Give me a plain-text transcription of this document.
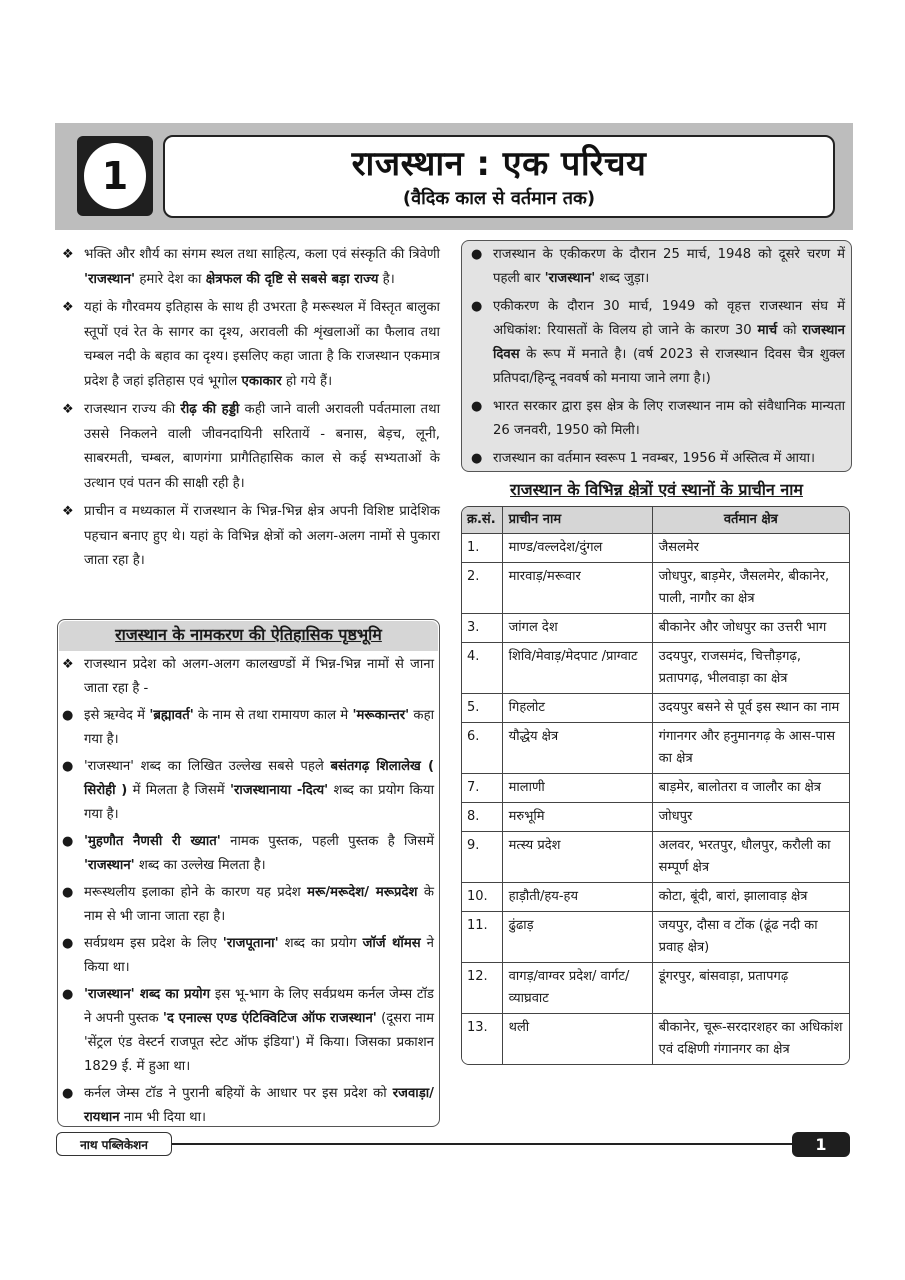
1	राजस्थान : एक परिचय
(वैदिक काल से वर्तमान तक)
❖ भक्ति और शौर्य का संगम स्थल तथा साहित्य, कला एवं संस्कृति की त्रिवेणी 'राजस्थान' हमारे देश का क्षेत्रफल की दृष्टि से सबसे बड़ा राज्य है।
❖ यहां के गौरवमय इतिहास के साथ ही उभरता है मरूस्थल में विस्तृत बालुका स्तूपों एवं रेत के सागर का दृश्य, अरावली की शृंखलाओं का फैलाव तथा चम्बल नदी के बहाव का दृश्य। इसलिए कहा जाता है कि राजस्थान एकमात्र प्रदेश है जहां इतिहास एवं भूगोल एकाकार हो गये हैं।
❖ राजस्थान राज्य की रीढ़ की हड्डी कही जाने वाली अरावली पर्वतमाला तथा उससे निकलने वाली जीवनदायिनी सरितायें - बनास, बेड़च, लूनी, साबरमती, चम्बल, बाणगंगा प्रागैतिहासिक काल से कई सभ्यताओं के उत्थान एवं पतन की साक्षी रही है।
❖ प्राचीन व मध्यकाल में राजस्थान के भिन्न-भिन्न क्षेत्र अपनी विशिष्ट प्रादेशिक पहचान बनाए हुए थे। यहां के विभिन्न क्षेत्रों को अलग-अलग नामों से पुकारा जाता रहा है।
राजस्थान के नामकरण की ऐतिहासिक पृष्ठभूमि
❖ राजस्थान प्रदेश को अलग-अलग कालखण्डों में भिन्न-भिन्न नामों से जाना जाता रहा है -
● इसे ऋग्वेद में 'ब्रह्मावर्त' के नाम से तथा रामायण काल मे 'मरूकान्तर' कहा गया है।
● 'राजस्थान' शब्द का लिखित उल्लेख सबसे पहले बसंतगढ़ शिलालेख ( सिरोही ) में मिलता है जिसमें 'राजस्थानाया -दित्य' शब्द का प्रयोग किया गया है।
● 'मुहणौत नैणसी री ख्यात' नामक पुस्तक, पहली पुस्तक है जिसमें 'राजस्थान' शब्द का उल्लेख मिलता है।
● मरूस्थलीय इलाका होने के कारण यह प्रदेश मरू/मरूदेश/ मरूप्रदेश के नाम से भी जाना जाता रहा है।
● सर्वप्रथम इस प्रदेश के लिए 'राजपूताना' शब्द का प्रयोग जॉर्ज थॉमस ने किया था।
● 'राजस्थान' शब्द का प्रयोग इस भू-भाग के लिए सर्वप्रथम कर्नल जेम्स टॉड ने अपनी पुस्तक 'द एनाल्स एण्ड एंटिक्विटिज ऑफ राजस्थान' (दूसरा नाम 'सेंट्रल एंड वेस्टर्न राजपूत स्टेट ऑफ इंडिया') में किया। जिसका प्रकाशन 1829 ई. में हुआ था।
● कर्नल जेम्स टॉड ने पुरानी बहियों के आधार पर इस प्रदेश को रजवाड़ा/रायथान नाम भी दिया था।
● राजस्थान के एकीकरण के दौरान 25 मार्च, 1948 को दूसरे चरण में पहली बार 'राजस्थान' शब्द जुड़ा।
● एकीकरण के दौरान 30 मार्च, 1949 को वृहत्त राजस्थान संघ में अधिकांश: रियासतों के विलय हो जाने के कारण 30 मार्च को राजस्थान दिवस के रूप में मनाते है। (वर्ष 2023 से राजस्थान दिवस चैत्र शुक्ल प्रतिपदा/हिन्दू नववर्ष को मनाया जाने लगा है।)
● भारत सरकार द्वारा इस क्षेत्र के लिए राजस्थान नाम को संवैधानिक मान्यता 26 जनवरी, 1950 को मिली।
● राजस्थान का वर्तमान स्वरूप 1 नवम्बर, 1956 में अस्तित्व में आया।
राजस्थान के विभिन्न क्षेत्रों एवं स्थानों के प्राचीन नाम
क्र.सं.	प्राचीन नाम	वर्तमान क्षेत्र
1.	माण्ड/वल्लदेश/दुंगल	जैसलमेर
2.	मारवाड़/मरूवार	जोधपुर, बाड़मेर, जैसलमेर, बीकानेर, पाली, नागौर का क्षेत्र
3.	जांगल देश	बीकानेर और जोधपुर का उत्तरी भाग
4.	शिवि/मेवाड़/मेदपाट /प्राग्वाट	उदयपुर, राजसमंद, चित्तौड़गढ़, प्रतापगढ़, भीलवाड़ा का क्षेत्र
5.	गिहलोट	उदयपुर बसने से पूर्व इस स्थान का नाम
6.	यौद्धेय क्षेत्र	गंगानगर और हनुमानगढ़ के आस-पास का क्षेत्र
7.	मालाणी	बाड़मेर, बालोतरा व जालौर का क्षेत्र
8.	मरुभूमि	जोधपुर
9.	मत्स्य प्रदेश	अलवर, भरतपुर, धौलपुर, करौली का सम्पूर्ण क्षेत्र
10.	हाड़ौती/हय-हय	कोटा, बूंदी, बारां, झालावाड़ क्षेत्र
11.	ढुंढाड़	जयपुर, दौसा व टोंक (ढूंढ नदी का प्रवाह क्षेत्र)
12.	वागड़/वाग्वर प्रदेश/ वार्गट/व्याघ्रवाट	डूंगरपुर, बांसवाड़ा, प्रतापगढ़
13.	थली	बीकानेर, चूरू-सरदारशहर का अधिकांश एवं दक्षिणी गंगानगर का क्षेत्र
नाथ पब्लिकेशन	1
